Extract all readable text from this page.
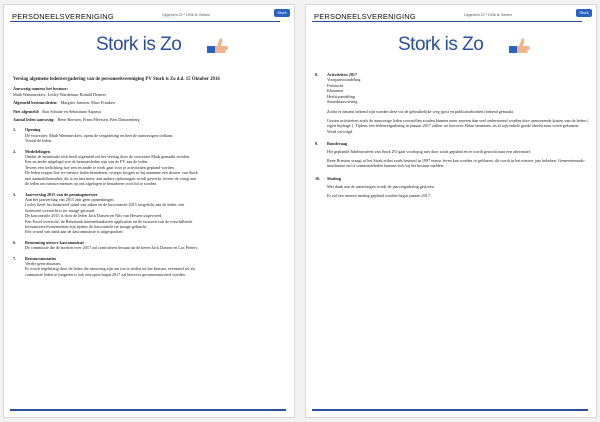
PERSONEELSVERENIGING	Opgericht 22 ² 1936 te Gelsen	Stork
Stork is Zo
Verslag algemene ledenvergadering van de personeelsvereniging PV Stork is Zo d.d. 15 Oktober 2016
Aanwezig namens het bestuur:
Math Wammeckers, Lesley Wardeman, Ronald Demers
Afgemeld bestuursleden: Margriet Janssen, Marc Franken
Niet afgemeld: Ron Schutte en Sebastiaan Aipassa
Aantal leden aanwezig: Rene Boesten, Frans Meessen, Bert Dautzenberg
1.	Opening
De voorzitter, Math Wammeckers, opent de vergadering en heet de aanwezigen welkom.
Vooral de leden.
2.	Mededelingen
Omdat de notarisatie zich heeft afgemeld zal het verslag door de voorzitter Math gemaakt worden.
Een en ander uitgelegd wie de bestuursleden zijn van de PV aan de leden.
Tevens een toelichting hoe een en ander te werk gaat voor je activiteiten gepland worden.
De leden vragen hoe we nieuwe leden benaderen, vroeger krijgen ze bij aanname een dossier van Stork
met aanmeldformulier, dit is nu niet meer, aan andere oplossingen wordt gewerkt, tevens de vraag aan
de leden om nieuwe mensen op ons afgelopen te benaderen voor lid te worden.
3.	Jaarverslag 2015 van de penningmeester
Aan het jaarverslag van 2015 zijn geen opmerkingen.
Lesley heeft het financieel stand van zaken en de kascontrole 2015 toegelicht aan de leden, een
financieel overzicht is ter inzage getoond.
De kascontrole 2015 is door de leden Jack Dassen en Nils van Hessen uitgevoerd.
Een Excel overzicht, de Rabobank internetbankieren applicaties en de facturen van de verschillende
leveranciers/evenementen zijn tijdens de kascontrole ter inzage gebracht.
Een woord van dank aan de kascommissie is uitgesproken.
6.	Benoeming nieuwe kascommissie
De commissie die de boeken over 2017 zal controleren bestaat uit de heren Jack Dassen en Luc Pieters.
7.	Bestuursmutaties
Verder geen mutaties.
Er wordt regelmatig door de leden die aanwezig zijn om toe te treden tot het bestuur, eventueel ter als
commissie leden te fungeren is ook een optie begin 2017 zal hierover gecommuniceerd worden.
PERSONEELSVERENIGING	Opgericht 22 ² 1936 te Gelsen	Stork
Stork is Zo
8.	Activiteiten 2017
Voorjaarswandeling
Fietstocht
Klimmen
Herfstwandeling
Sinterklaasviering
Zodra er datums bekend zijn worden deze via de gebruikelijke weg (post en publicatieborden) bekend gemaakt.
Gezien activiteiten zoals de aanwezige leden voorstellen zouden kunnen meer moeten dan veel ondersteund worden door aanwezende kosten van de leden ( eigen bijdrage ). Tijdens een ledenvergadering in januari 2017 zullen we hierover. Brian stemmen, en al zijn enkele goede ideeën naar voren gekomen. Word vervolgd.
9.	Rondvraag
Het geplande Jubileumfeest van Stork ZO gaat voorlopig niet door zoals gepland en er wordt gezocht naar een alternatief.
Rene Boesten vraagt of het Stork etiket zoals bestond in 1997 nieuw leven kan worden in geblazen, dit wordt in het nieuwe jaar bekeken. Gemeenteraads-mutiliarten en/of commissieleden kunnen zich bij het bestuur melden.
10.	Sluiting
Met dank aan de aanwezigen wordt de jaarvergadering gesloten.
Er zal een nieuwe meting gepland worden begin januari 2017.
